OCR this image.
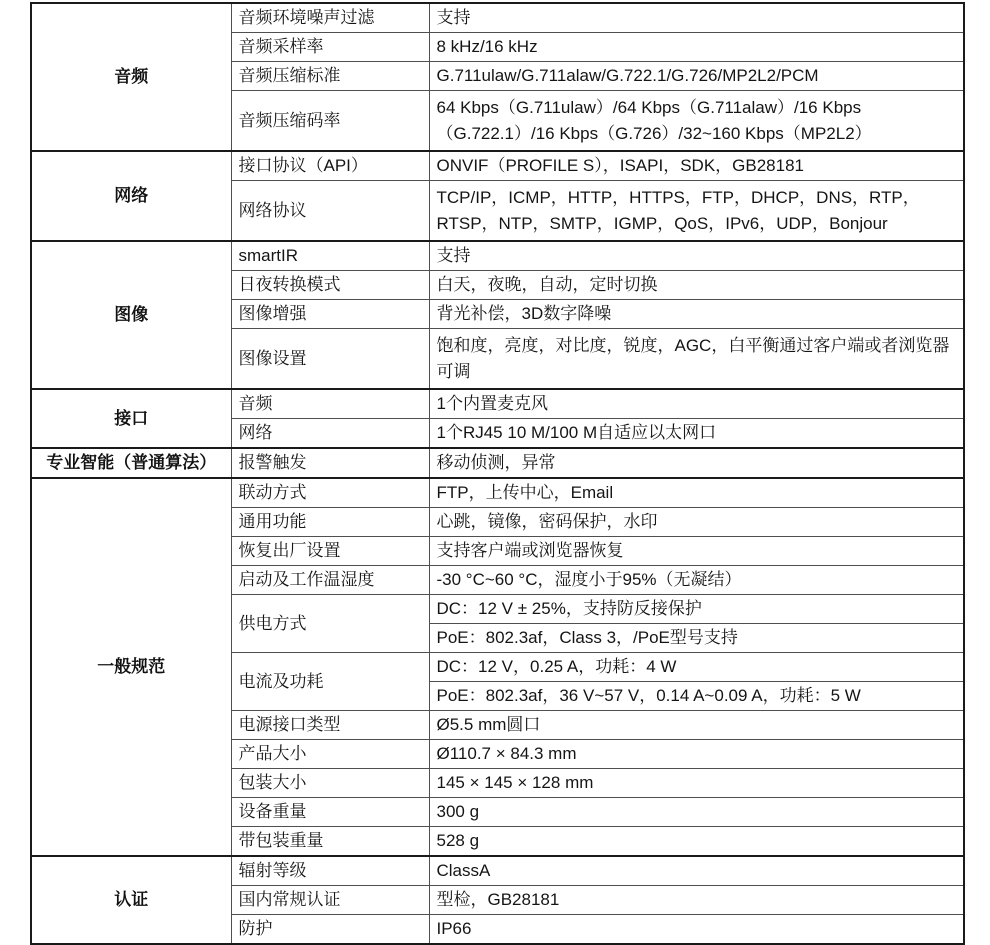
音频	音频环境噪声过滤	支持
	音频采样率	8 kHz/16 kHz
	音频压缩标准	G.711ulaw/G.711alaw/G.722.1/G.726/MP2L2/PCM
	音频压缩码率	64 Kbps（G.711ulaw）/64 Kbps（G.711alaw）/16 Kbps（G.722.1）/16 Kbps（G.726）/32~160 Kbps（MP2L2）
网络	接口协议（API）	ONVIF（PROFILE S），ISAPI，SDK，GB28181
	网络协议	TCP/IP，ICMP，HTTP，HTTPS，FTP，DHCP，DNS，RTP，RTSP，NTP，SMTP，IGMP，QoS，IPv6，UDP，Bonjour
图像	smartIR	支持
	日夜转换模式	白天，夜晚，自动，定时切换
	图像增强	背光补偿，3D数字降噪
	图像设置	饱和度，亮度，对比度，锐度，AGC，白平衡通过客户端或者浏览器可调
接口	音频	1个内置麦克风
	网络	1个RJ45 10 M/100 M自适应以太网口
专业智能（普通算法）	报警触发	移动侦测，异常
一般规范	联动方式	FTP，上传中心，Email
	通用功能	心跳，镜像，密码保护，水印
	恢复出厂设置	支持客户端或浏览器恢复
	启动及工作温湿度	-30 °C~60 °C，湿度小于95%（无凝结）
	供电方式	DC：12 V ± 25%，支持防反接保护
		PoE：802.3af，Class 3，/PoE型号支持
	电流及功耗	DC：12 V，0.25 A，功耗：4 W
		PoE：802.3af，36 V~57 V，0.14 A~0.09 A，功耗：5 W
	电源接口类型	Ø5.5 mm圆口
	产品大小	Ø110.7 × 84.3 mm
	包装大小	145 × 145 × 128 mm
	设备重量	300 g
	带包装重量	528 g
认证	辐射等级	ClassA
	国内常规认证	型检，GB28181
	防护	IP66
